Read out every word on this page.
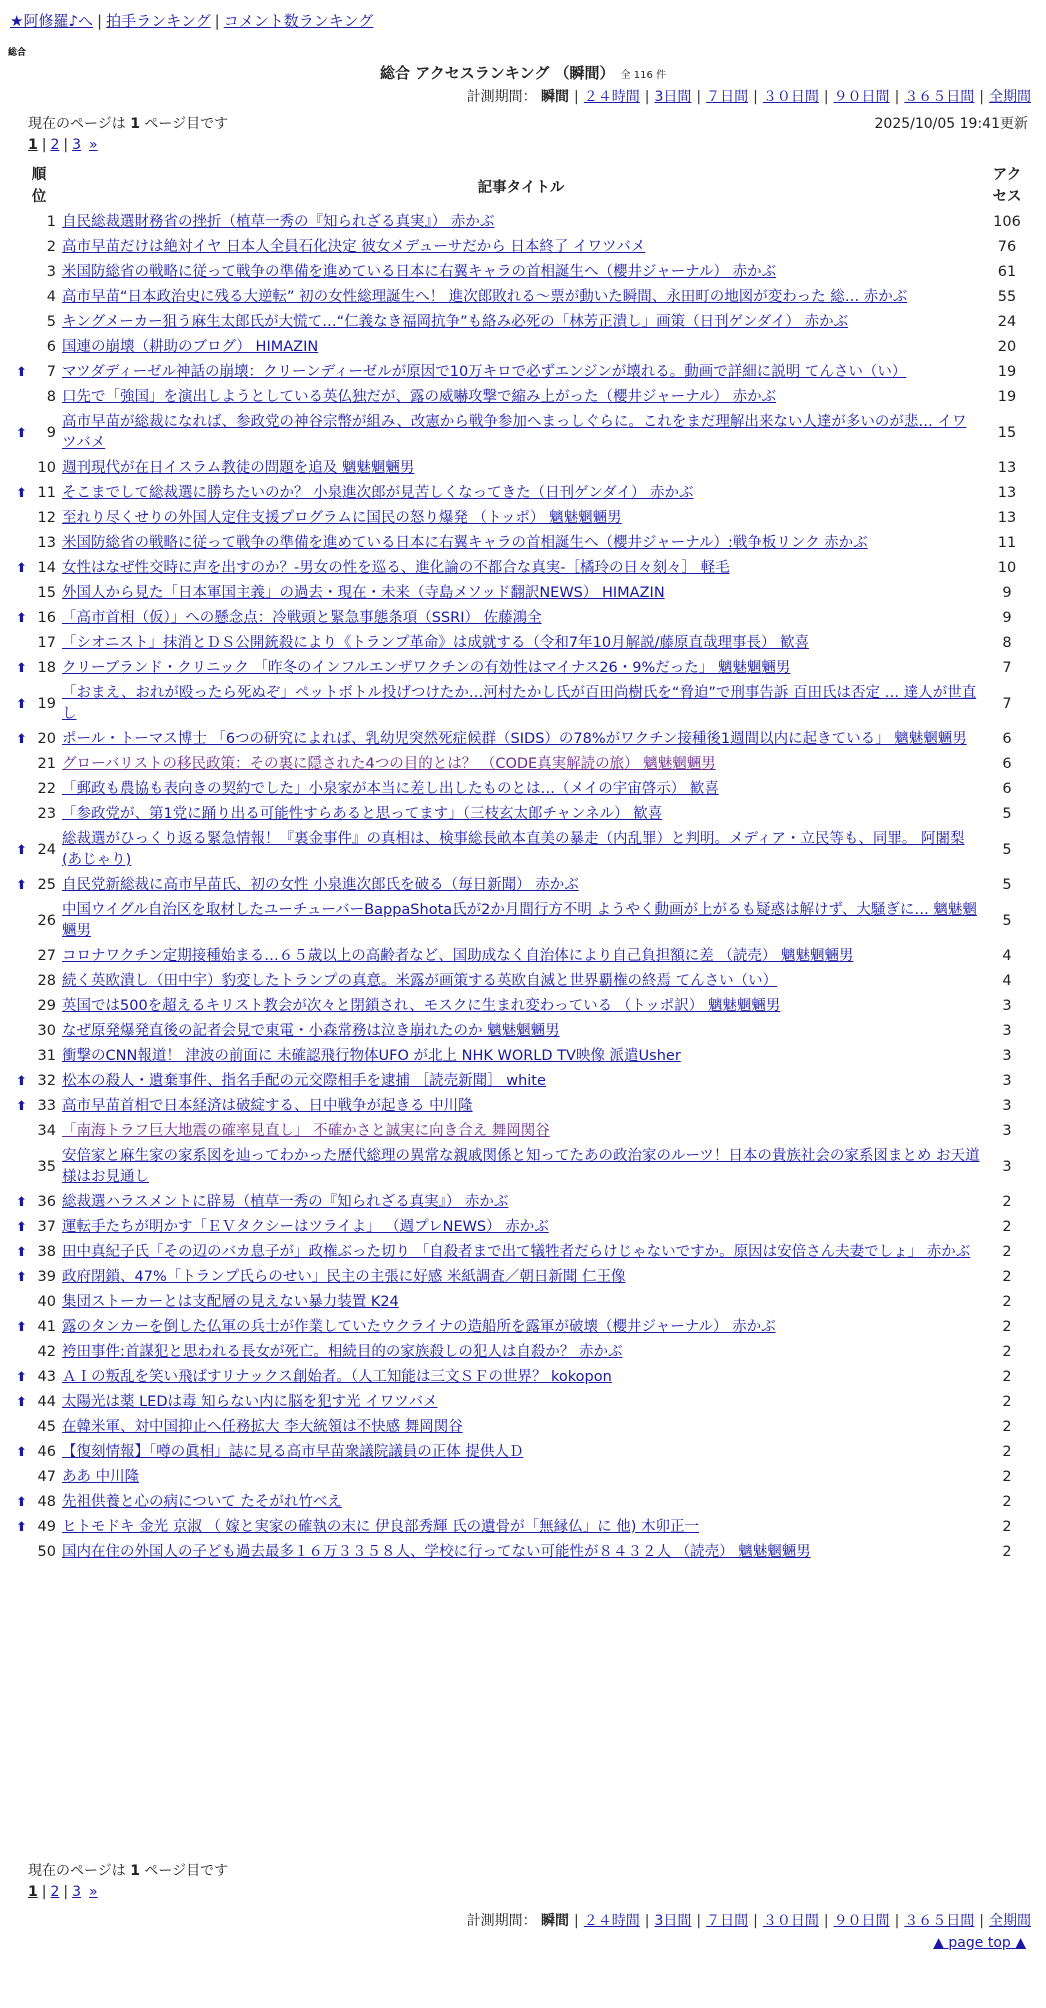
★阿修羅♪へ | 拍手ランキング | コメント数ランキング
総合
総合 アクセスランキング （瞬間） 全 116 件
計測期間： 瞬間 | ２４時間 | 3日間 | ７日間 | ３０日間 | ９０日間 | ３６５日間 | 全期間
現在のページは 1 ページ目です	2025/10/05 19:41更新
1 | 2 | 3 »
順位	記事タイトル	アクセス
1	自民総裁選財務省の挫折（植草一秀の『知られざる真実』） 赤かぶ	106
2	高市早苗だけは絶対イヤ 日本人全員石化決定 彼女メデューサだから 日本終了 イワツバメ	76
3	米国防総省の戦略に従って戦争の準備を進めている日本に右翼キャラの首相誕生へ（櫻井ジャーナル） 赤かぶ	61
4	高市早苗“日本政治史に残る大逆転” 初の女性総理誕生へ！ 進次郎敗れる～票が動いた瞬間、永田町の地図が変わった 総… 赤かぶ	55
5	キングメーカー狙う麻生太郎氏が大慌て…“仁義なき福岡抗争”も絡み必死の「林芳正潰し」画策（日刊ゲンダイ） 赤かぶ	24
6	国連の崩壊（耕助のブログ） HIMAZIN	20

⬆ 7	マツダディーゼル神話の崩壊：クリーンディーゼルが原因で10万キロで必ずエンジンが壊れる。動画で詳細に説明 てんさい（い）	19
8	口先で「強国」を演出しようとしている英仏独だが、露の威嚇攻撃で縮み上がった（櫻井ジャーナル） 赤かぶ	19

⬆ 9	高市早苗が総裁になれば、参政党の神谷宗幣が組み、改憲から戦争参加へまっしぐらに。これをまだ理解出来ない人達が多いのが悲… イワツバメ	15
10	週刊現代が在日イスラム教徒の問題を追及 魑魅魍魎男	13

⬆ 11	そこまでして総裁選に勝ちたいのか？ 小泉進次郎が見苦しくなってきた（日刊ゲンダイ） 赤かぶ	13
12	至れり尽くせりの外国人定住支援プログラムに国民の怒り爆発 （トッポ） 魑魅魍魎男	13
13	米国防総省の戦略に従って戦争の準備を進めている日本に右翼キャラの首相誕生へ（櫻井ジャーナル）:戦争板リンク 赤かぶ	11

⬆ 14	女性はなぜ性交時に声を出すのか？-男女の性を巡る、進化論の不都合な真実-［橘玲の日々刻々］ 軽毛	10
15	外国人から見た「日本軍国主義」の過去・現在・未来（寺島メソッド翻訳NEWS） HIMAZIN	9

⬆ 16	「高市首相（仮）」への懸念点：冷戦頭と緊急事態条項（SSRI） 佐藤鴻全	9
17	「シオニスト」抹消とＤＳ公開銃殺により《トランプ革命》は成就する（令和7年10月解説/藤原直哉理事長） 歓喜	8

⬆ 18	クリーブランド・クリニック 「昨冬のインフルエンザワクチンの有効性はマイナス26・9%だった」 魑魅魍魎男	7

⬆ 19	「おまえ、おれが殴ったら死ぬぞ」ペットボトル投げつけたか…河村たかし氏が百田尚樹氏を“脅迫”で刑事告訴 百田氏は否定 … 達人が世直し	7

⬆ 20	ポール・トーマス博士 「6つの研究によれば、乳幼児突然死症候群（SIDS）の78%がワクチン接種後1週間以内に起きている」 魑魅魍魎男	6
21	グローバリストの移民政策：その裏に隠された4つの目的とは？ （CODE真実解読の旅） 魑魅魍魎男	6
22	「郵政も農協も表向きの契約でした」小泉家が本当に差し出したものとは…（メイの宇宙啓示） 歓喜	6
23	「参政党が、第1党に踊り出る可能性すらあると思ってます」（三枝玄太郎チャンネル） 歓喜	5

⬆ 24	総裁選がひっくり返る緊急情報！『裏金事件』の真相は、検事総長畝本直美の暴走（内乱罪）と判明。メディア・立民等も、同罪。 阿闍梨(あじゃり)	5

⬆ 25	自民党新総裁に高市早苗氏、初の女性 小泉進次郎氏を破る（毎日新聞） 赤かぶ	5
26	中国ウイグル自治区を取材したユーチューバーBappaShota氏が2か月間行方不明 ようやく動画が上がるも疑惑は解けず、大騒ぎに… 魑魅魍魎男	5
27	コロナワクチン定期接種始まる…６５歳以上の高齢者など、国助成なく自治体により自己負担額に差 （読売） 魑魅魍魎男	4
28	続く英欧潰し（田中宇）豹変したトランプの真意。米露が画策する英欧自滅と世界覇権の終焉 てんさい（い）	4
29	英国では500を超えるキリスト教会が次々と閉鎖され、モスクに生まれ変わっている （トッポ訳） 魑魅魍魎男	3
30	なぜ原発爆発直後の記者会見で東電・小森常務は泣き崩れたのか 魑魅魍魎男	3
31	衝撃のCNN報道！ 津波の前面に 未確認飛行物体UFO が北上 NHK WORLD TV映像 派遣Usher	3

⬆ 32	松本の殺人・遺棄事件、指名手配の元交際相手を逮捕 ［読売新聞］ white	3

⬆ 33	高市早苗首相で日本経済は破綻する、日中戦争が起きる 中川隆	3
34	「南海トラフ巨大地震の確率見直し」 不確かさと誠実に向き合え 舞岡関谷	3
35	安倍家と麻生家の家系図を辿ってわかった歴代総理の異常な親戚関係と知ってたあの政治家のルーツ！日本の貴族社会の家系図まとめ お天道様はお見通し	3

⬆ 36	総裁選ハラスメントに辟易（植草一秀の『知られざる真実』） 赤かぶ	2

⬆ 37	運転手たちが明かす「ＥＶタクシーはツライよ」 （週プレNEWS） 赤かぶ	2

⬆ 38	田中真紀子氏「その辺のバカ息子が」政権ぶった切り 「自殺者まで出て犠牲者だらけじゃないですか。原因は安倍さん夫妻でしょ」 赤かぶ	2

⬆ 39	政府閉鎖、47%「トランプ氏らのせい」民主の主張に好感 米紙調査／朝日新聞 仁王像	2
40	集団ストーカーとは支配層の見えない暴力装置 K24	2

⬆ 41	露のタンカーを倒した仏軍の兵士が作業していたウクライナの造船所を露軍が破壊（櫻井ジャーナル） 赤かぶ	2
42	袴田事件:首謀犯と思われる長女が死亡。相続目的の家族殺しの犯人は自殺か？ 赤かぶ	2

⬆ 43	ＡＩの叛乱を笑い飛ばすリナックス創始者。（人工知能は三文ＳＦの世界？ kokopon	2

⬆ 44	太陽光は薬 LEDは毒 知らない内に脳を犯す光 イワツバメ	2
45	在韓米軍、対中国抑止へ任務拡大 李大統領は不快感 舞岡関谷	2

⬆ 46	【復刻情報】「噂の眞相」誌に見る高市早苗衆議院議員の正体 提供人Ｄ	2
47	ああ 中川隆	2

⬆ 48	先祖供養と心の病について たそがれ竹べえ	2

⬆ 49	ヒトモドキ 金光 京淑 （ 嫁と実家の確執の末に 伊良部秀輝 氏の遺骨が「無縁仏」に 他) 木卯正一	2
50	国内在住の外国人の子ども過去最多１６万３３５８人、学校に行ってない可能性が８４３２人 （読売） 魑魅魍魎男	2
現在のページは 1 ページ目です
1 | 2 | 3 »
計測期間： 瞬間 | ２４時間 | 3日間 | ７日間 | ３０日間 | ９０日間 | ３６５日間 | 全期間
▲ page top ▲
